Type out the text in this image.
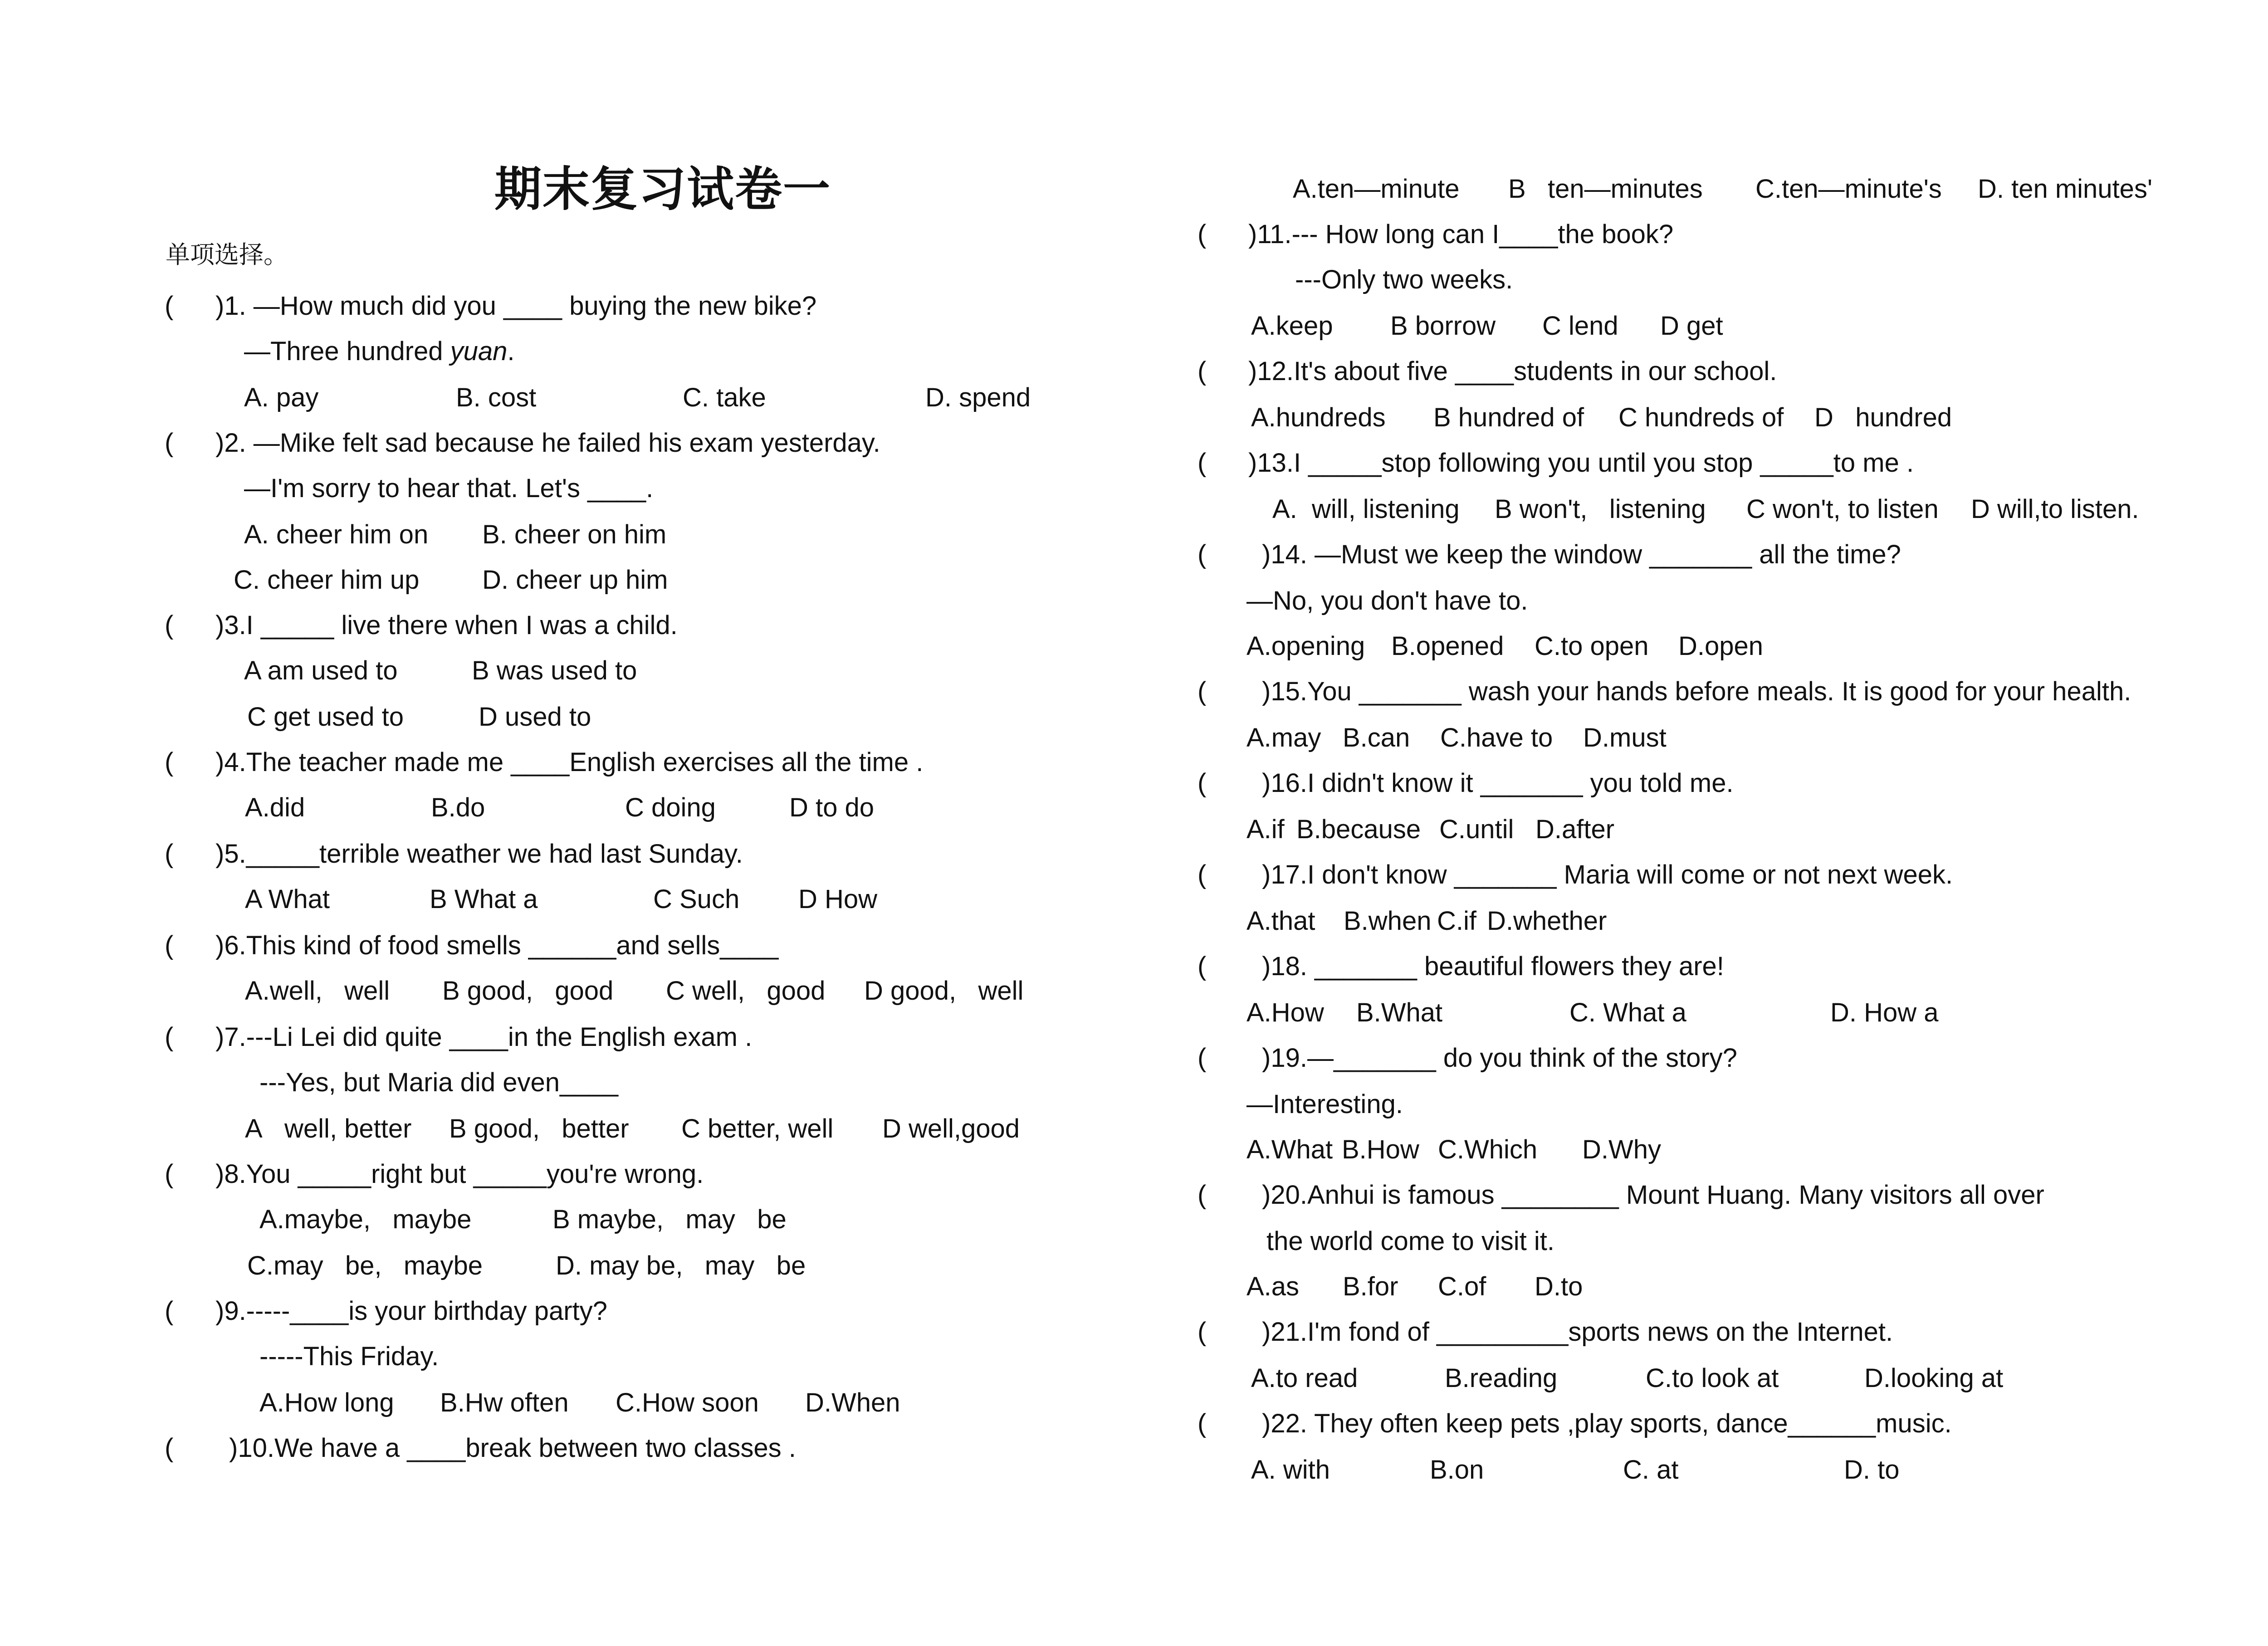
期末复习试卷一
单项选择。
( )1. —How much did you ____ buying the new bike?
—Three hundred yuan.
A. pay	B. cost	C. take	D. spend
( )2. —Mike felt sad because he failed his exam yesterday.
—I'm sorry to hear that. Let's ____.
A. cheer him on B. cheer on him
C. cheer him up D. cheer up him
( )3.I _____ live there when I was a child.
A am used to	B was used to
C get used to	D used to
( )4.The teacher made me ____English exercises all the time .
A.did	B.do	C doing	D to do
( )5._____terrible weather we had last Sunday.
A What	B What a	C Such D How
( )6.This kind of food smells ______and sells____
A.well,   well B good,   good C well,   good D good,   well
( )7.---Li Lei did quite ____in the English exam .
---Yes, but Maria did even____
A   well, better B good,   better C better, well D well,good
( )8.You _____right but _____you're wrong.
A.maybe,   maybe	B maybe,   may   be
C.may   be,   maybe	D. may be,   may   be
( )9.-----____is your birthday party?
-----This Friday.
A.How long B.Hw often C.How soon D.When
( )10.We have a ____break between two classes .
A.ten—minute B   ten—minutes C.ten—minute's D. ten minutes'
( )11.--- How long can I____the book?
---Only two weeks.
A.keep B borrow C lend D get
( )12.It's about five ____students in our school.
A.hundreds B hundred of C hundreds of D   hundred
( )13.I _____stop following you until you stop _____to me .
A.  will, listening B won't,   listening C won't, to listen D will,to listen.
( )14. —Must we keep the window _______ all the time?
—No, you don't have to.
A.opening B.opened C.to open D.open
( )15.You _______ wash your hands before meals. It is good for your health.
A.may B.can C.have to D.must
( )16.I didn't know it _______ you told me.
A.if B.because C.until D.after
( )17.I don't know _______ Maria will come or not next week.
A.that B.when C.if D.whether
( )18. _______ beautiful flowers they are!
A.How B.What	C. What a	D. How a
( )19.—_______ do you think of the story?
—Interesting.
A.What B.How C.Which D.Why
( )20.Anhui is famous ________ Mount Huang. Many visitors all over
the world come to visit it.
A.as B.for C.of D.to
( )21.I'm fond of _________sports news on the Internet.
A.to read	B.reading	C.to look at	D.looking at
( )22. They often keep pets ,play sports, dance______music.
A. with	B.on	C. at	D. to
